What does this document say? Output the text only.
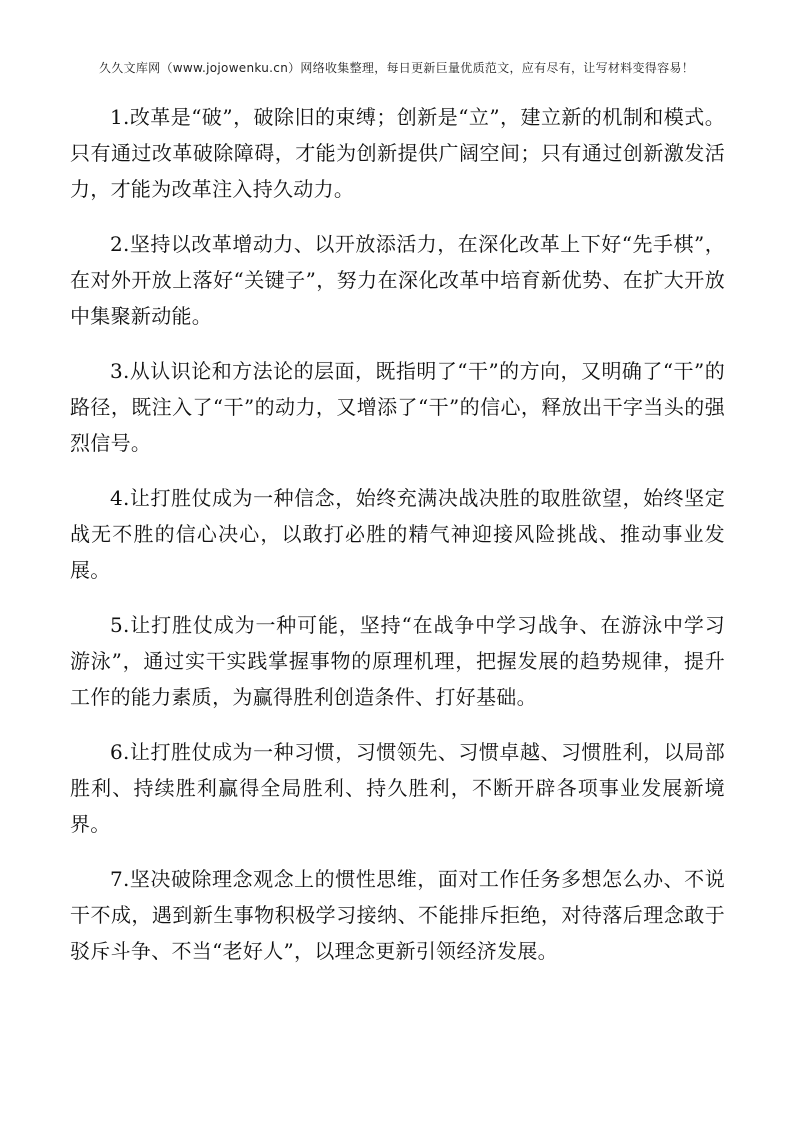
久久文库网（www.jojowenku.cn）网络收集整理，每日更新巨量优质范文，应有尽有，让写材料变得容易！

1.改革是“破”，破除旧的束缚；创新是“立”，建立新的机制和模式。只有通过改革破除障碍，才能为创新提供广阔空间；只有通过创新激发活力，才能为改革注入持久动力。

2.坚持以改革增动力、以开放添活力，在深化改革上下好“先手棋”，在对外开放上落好“关键子”，努力在深化改革中培育新优势、在扩大开放中集聚新动能。

3.从认识论和方法论的层面，既指明了“干”的方向，又明确了“干”的路径，既注入了“干”的动力，又增添了“干”的信心，释放出干字当头的强烈信号。

4.让打胜仗成为一种信念，始终充满决战决胜的取胜欲望，始终坚定战无不胜的信心决心，以敢打必胜的精气神迎接风险挑战、推动事业发展。

5.让打胜仗成为一种可能，坚持“在战争中学习战争、在游泳中学习游泳”，通过实干实践掌握事物的原理机理，把握发展的趋势规律，提升工作的能力素质，为赢得胜利创造条件、打好基础。

6.让打胜仗成为一种习惯，习惯领先、习惯卓越、习惯胜利，以局部胜利、持续胜利赢得全局胜利、持久胜利，不断开辟各项事业发展新境界。

7.坚决破除理念观念上的惯性思维，面对工作任务多想怎么办、不说干不成，遇到新生事物积极学习接纳、不能排斥拒绝，对待落后理念敢于驳斥斗争、不当“老好人”，以理念更新引领经济发展。
